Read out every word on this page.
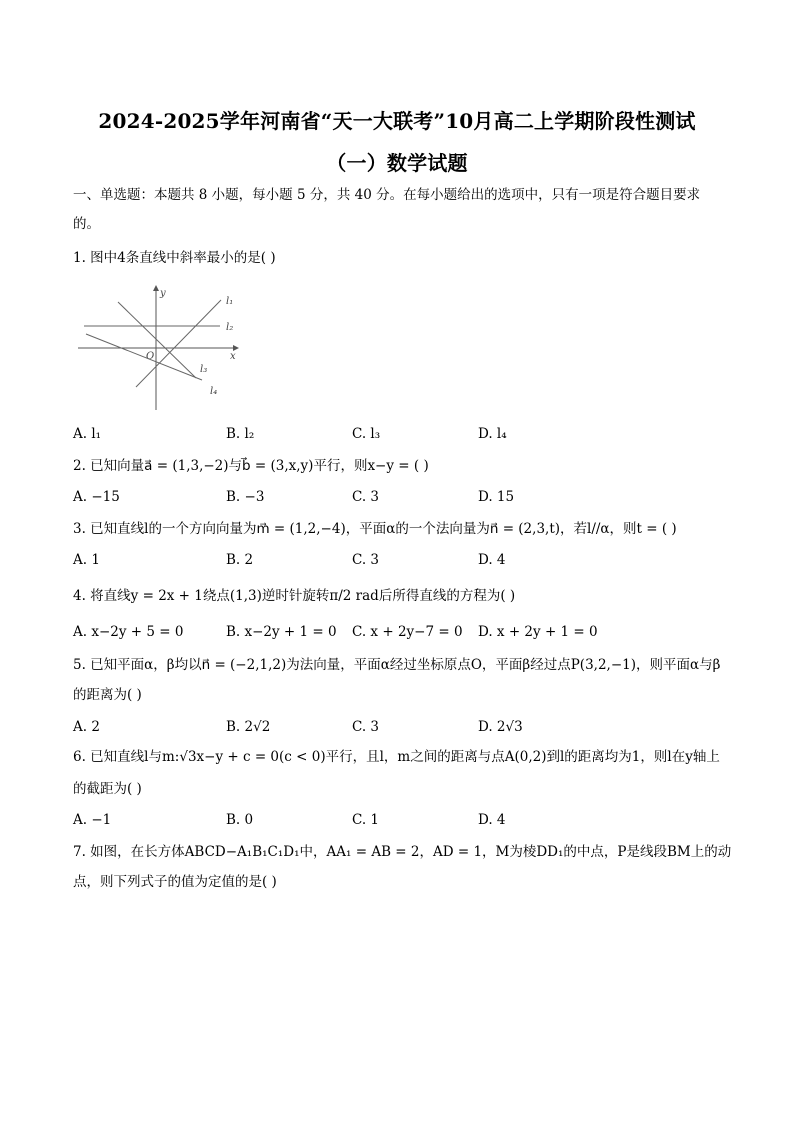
2024-2025学年河南省“天一大联考”10月高二上学期阶段性测试
（一）数学试题
一、单选题：本题共 8 小题，每小题 5 分，共 40 分。在每小题给出的选项中，只有一项是符合题目要求
的。
1. 图中4条直线中斜率最小的是( )
y
x
O
l₁
l₂
l₃
l₄
A. l₁	B. l₂	C. l₃	D. l₄
2. 已知向量a⃗ = (1,3,−2)与b⃗ = (3,x,y)平行，则x−y = ( )
A. −15	B. −3	C. 3	D. 15
3. 已知直线l的一个方向向量为m⃗ = (1,2,−4)，平面α的一个法向量为n⃗ = (2,3,t)，若l//α，则t = ( )
A. 1	B. 2	C. 3	D. 4
4. 将直线y = 2x + 1绕点(1,3)逆时针旋转π/2 rad后所得直线的方程为( )
A. x−2y + 5 = 0	B. x−2y + 1 = 0 C. x + 2y−7 = 0 D. x + 2y + 1 = 0
5. 已知平面α，β均以n⃗ = (−2,1,2)为法向量，平面α经过坐标原点O，平面β经过点P(3,2,−1)，则平面α与β
的距离为( )
A. 2	B. 2√2	C. 3	D. 2√3
6. 已知直线l与m:√3x−y + c = 0(c < 0)平行，且l，m之间的距离与点A(0,2)到l的距离均为1，则l在y轴上
的截距为( )
A. −1	B. 0	C. 1	D. 4
7. 如图，在长方体ABCD−A₁B₁C₁D₁中，AA₁ = AB = 2，AD = 1，M为棱DD₁的中点，P是线段BM上的动
点，则下列式子的值为定值的是( )
